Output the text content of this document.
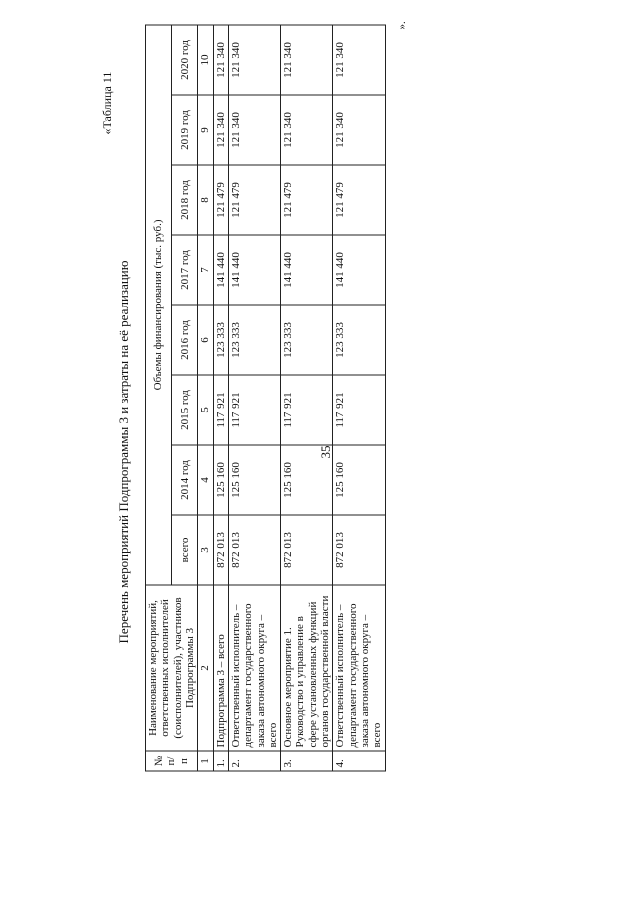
35
«Таблица 11
Перечень мероприятий Подпрограммы 3 и затраты на её реализацию
№ п/п	Наименование мероприятий, ответственных исполнителей (соисполнителей), участников Подпрограммы 3	Объемы финансирования (тыс. руб.)							
		всего	2014 год	2015 год	2016 год	2017 год	2018 год	2019 год	2020 год
1	2	3	4	5	6	7	8	9	10
1.	Подпрограмма 3 – всего	872 013	125 160	117 921	123 333	141 440	121 479	121 340	121 340
2.	Ответственный исполнитель – департамент государственного заказа автономного округа – всего	872 013	125 160	117 921	123 333	141 440	121 479	121 340	121 340
3.	Основное мероприятие 1. Руководство и управление в сфере установленных функций органов государственной власти	872 013	125 160	117 921	123 333	141 440	121 479	121 340	121 340
4.	Ответственный исполнитель – департамент государственного заказа автономного округа – всего	872 013	125 160	117 921	123 333	141 440	121 479	121 340	121 340
».
